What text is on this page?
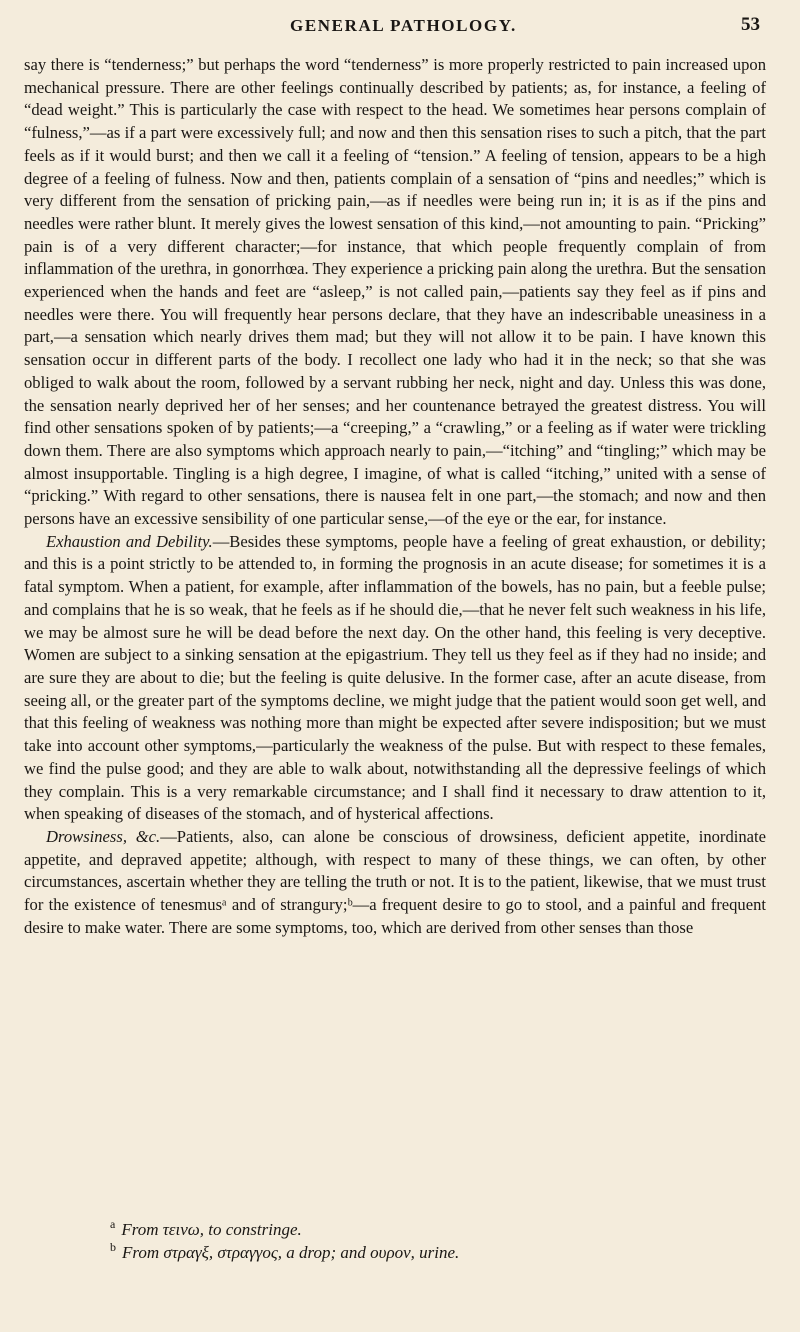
GENERAL PATHOLOGY.	53

say there is “tenderness;” but perhaps the word “tenderness” is more properly restricted to pain increased upon mechanical pressure. There are other feelings continually described by patients; as, for instance, a feeling of “dead weight.” This is particularly the case with respect to the head. We sometimes hear persons complain of “fulness,”—as if a part were excessively full; and now and then this sensation rises to such a pitch, that the part feels as if it would burst; and then we call it a feeling of “tension.” A feeling of tension, appears to be a high degree of a feeling of fulness. Now and then, patients complain of a sensation of “pins and needles;” which is very different from the sensation of pricking pain,—as if needles were being run in; it is as if the pins and needles were rather blunt. It merely gives the lowest sensation of this kind,—not amounting to pain. “Pricking” pain is of a very different character;—for instance, that which people frequently complain of from inflammation of the urethra, in gonorrhœa. They experience a pricking pain along the urethra. But the sensation experienced when the hands and feet are “asleep,” is not called pain,—patients say they feel as if pins and needles were there. You will frequently hear persons declare, that they have an indescribable uneasiness in a part,—a sensation which nearly drives them mad; but they will not allow it to be pain. I have known this sensation occur in different parts of the body. I recollect one lady who had it in the neck; so that she was obliged to walk about the room, followed by a servant rubbing her neck, night and day. Unless this was done, the sensation nearly deprived her of her senses; and her countenance betrayed the greatest distress. You will find other sensations spoken of by patients;—a “creeping,” a “crawling,” or a feeling as if water were trickling down them. There are also symptoms which approach nearly to pain,—“itching” and “tingling;” which may be almost insupportable. Tingling is a high degree, I imagine, of what is called “itching,” united with a sense of “pricking.” With regard to other sensations, there is nausea felt in one part,—the stomach; and now and then persons have an excessive sensibility of one particular sense,—of the eye or the ear, for instance.

Exhaustion and Debility.—Besides these symptoms, people have a feeling of great exhaustion, or debility; and this is a point strictly to be attended to, in forming the prognosis in an acute disease; for sometimes it is a fatal symptom. When a patient, for example, after inflammation of the bowels, has no pain, but a feeble pulse; and complains that he is so weak, that he feels as if he should die,—that he never felt such weakness in his life, we may be almost sure he will be dead before the next day. On the other hand, this feeling is very deceptive. Women are subject to a sinking sensation at the epigastrium. They tell us they feel as if they had no inside; and are sure they are about to die; but the feeling is quite delusive. In the former case, after an acute disease, from seeing all, or the greater part of the symptoms decline, we might judge that the patient would soon get well, and that this feeling of weakness was nothing more than might be expected after severe indisposition; but we must take into account other symptoms,—particularly the weakness of the pulse. But with respect to these females, we find the pulse good; and they are able to walk about, notwithstanding all the depressive feelings of which they complain. This is a very remarkable circumstance; and I shall find it necessary to draw attention to it, when speaking of diseases of the stomach, and of hysterical affections.

Drowsiness, &c.—Patients, also, can alone be conscious of drowsiness, deficient appetite, inordinate appetite, and depraved appetite; although, with respect to many of these things, we can often, by other circumstances, ascertain whether they are telling the truth or not. It is to the patient, likewise, that we must trust for the existence of tenesmusᵃ and of strangury;ᵇ—a frequent desire to go to stool, and a painful and frequent desire to make water. There are some symptoms, too, which are derived from other senses than those

$^a$ From τεινω, to constringe.

$^b$ From στραγξ, στραγγος, a drop; and ουρον, urine.
